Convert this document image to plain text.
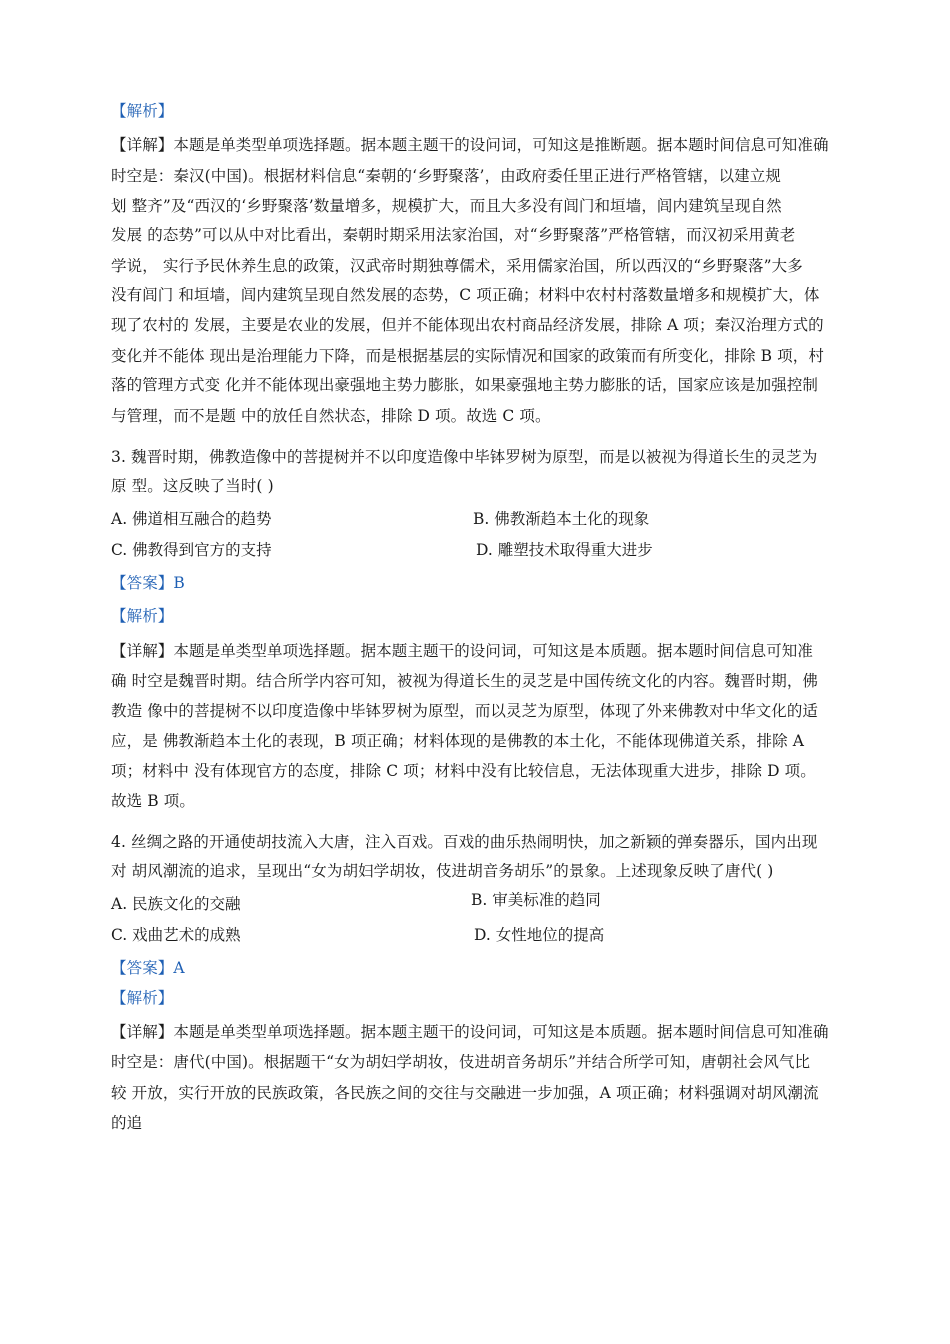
【解析】
【详解】本题是单类型单项选择题。据本题主题干的设问词，可知这是推断题。据本题时间信息可知准确
时空是：秦汉(中国)。根据材料信息“秦朝的‘乡野聚落’，由政府委任里正进行严格管辖，以建立规
划 整齐”及“西汉的‘乡野聚落’数量增多，规模扩大，而且大多没有闾门和垣墙，闾内建筑呈现自然
发展 的态势”可以从中对比看出，秦朝时期采用法家治国，对“乡野聚落”严格管辖，而汉初采用黄老
学说， 实行予民休养生息的政策，汉武帝时期独尊儒术，采用儒家治国，所以西汉的“乡野聚落”大多
没有闾门 和垣墙，闾内建筑呈现自然发展的态势，C 项正确；材料中农村村落数量增多和规模扩大，体
现了农村的 发展，主要是农业的发展，但并不能体现出农村商品经济发展，排除 A 项；秦汉治理方式的
变化并不能体 现出是治理能力下降，而是根据基层的实际情况和国家的政策而有所变化，排除 B 项，村
落的管理方式变 化并不能体现出豪强地主势力膨胀，如果豪强地主势力膨胀的话，国家应该是加强控制
与管理，而不是题 中的放任自然状态，排除 D 项。故选 C 项。
3. 魏晋时期，佛教造像中的菩提树并不以印度造像中毕钵罗树为原型，而是以被视为得道长生的灵芝为
原 型。这反映了当时( )
A. 佛道相互融合的趋势	B. 佛教渐趋本土化的现象
C. 佛教得到官方的支持	D. 雕塑技术取得重大进步
【答案】B
【解析】
【详解】本题是单类型单项选择题。据本题主题干的设问词，可知这是本质题。据本题时间信息可知准
确 时空是魏晋时期。结合所学内容可知，被视为得道长生的灵芝是中国传统文化的内容。魏晋时期，佛
教造 像中的菩提树不以印度造像中毕钵罗树为原型，而以灵芝为原型，体现了外来佛教对中华文化的适
应，是 佛教渐趋本土化的表现，B 项正确；材料体现的是佛教的本土化，不能体现佛道关系，排除 A
项；材料中 没有体现官方的态度，排除 C 项；材料中没有比较信息，无法体现重大进步，排除 D 项。
故选 B 项。
4. 丝绸之路的开通使胡技流入大唐，注入百戏。百戏的曲乐热闹明快，加之新颖的弹奏器乐，国内出现
对 胡风潮流的追求，呈现出“女为胡妇学胡妆，伎进胡音务胡乐”的景象。上述现象反映了唐代( )
A. 民族文化的交融	B. 审美标准的趋同
C. 戏曲艺术的成熟	D. 女性地位的提高
【答案】A
【解析】
【详解】本题是单类型单项选择题。据本题主题干的设问词，可知这是本质题。据本题时间信息可知准确
时空是：唐代(中国)。根据题干“女为胡妇学胡妆，伎进胡音务胡乐”并结合所学可知，唐朝社会风气比
较 开放，实行开放的民族政策，各民族之间的交往与交融进一步加强，A 项正确；材料强调对胡风潮流
的追
